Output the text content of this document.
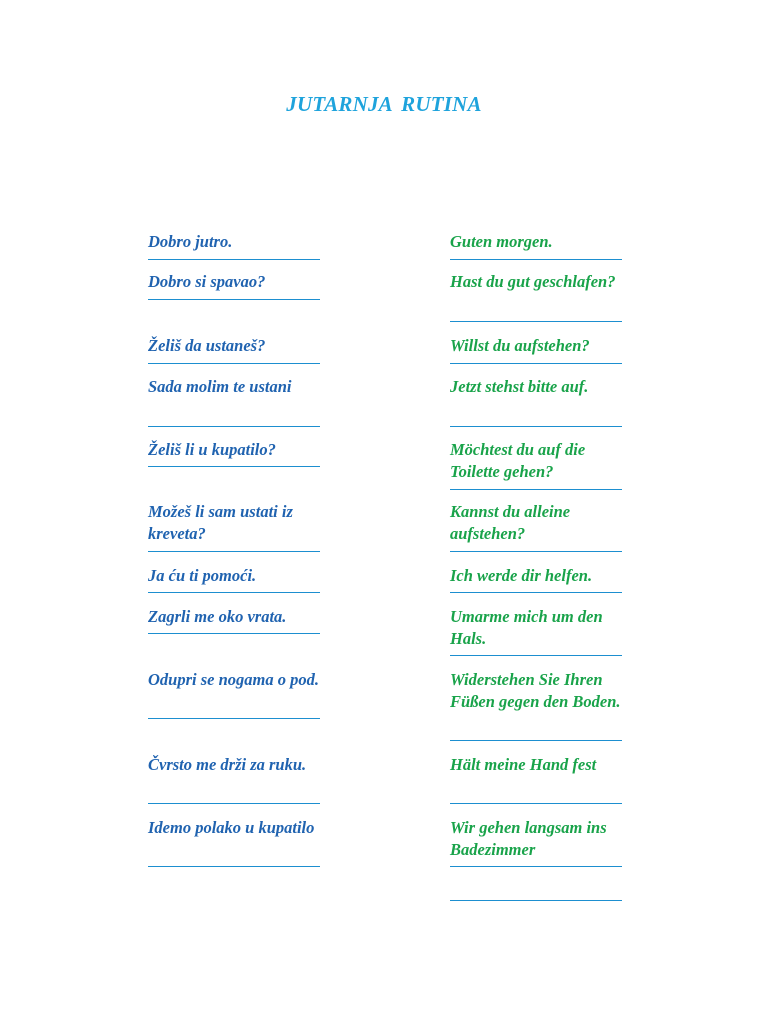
JUTARNJA RUTINA
Dobro jutro.
Dobro si spavao?
Želiš da ustaneš?
Sada molim te ustani
Želiš li u kupatilo?
Možeš li sam ustati iz kreveta?
Ja ću ti pomoći.
Zagrli me oko vrata.
Odupri se nogama o pod.
Čvrsto me drži za ruku.
Idemo polako u kupatilo
Guten morgen.
Hast du gut geschlafen?
Willst du aufstehen?
Jetzt stehst bitte auf.
Möchtest du auf die Toilette gehen?
Kannst du alleine aufstehen?
Ich werde dir helfen.
Umarme mich um den Hals.
Widerstehen Sie Ihren Füßen gegen den Boden.
Hält meine Hand fest
Wir gehen langsam ins Badezimmer
